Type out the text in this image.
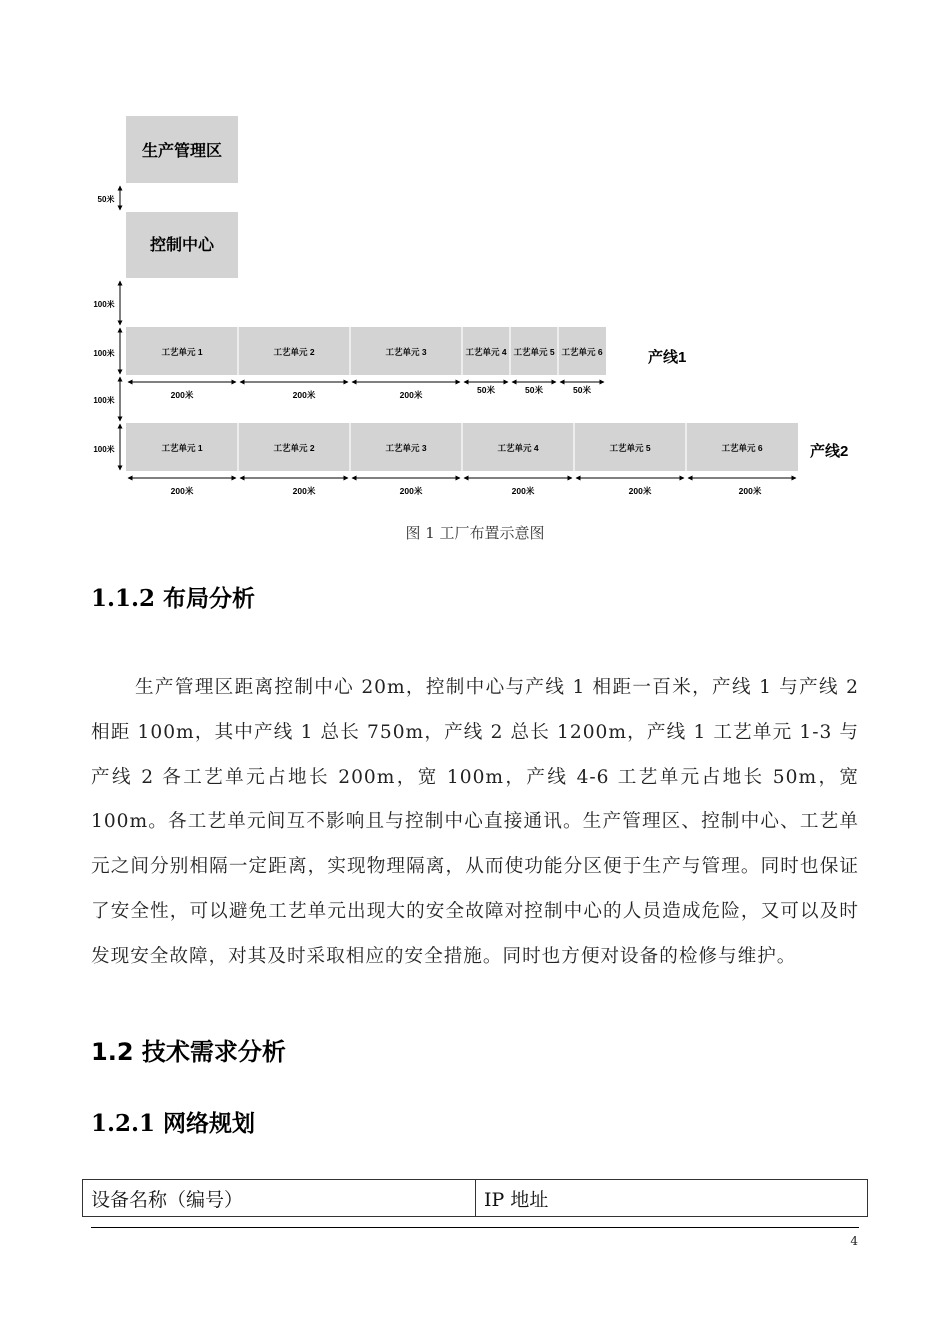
生产管理区
50米
控制中心
100米
100米
100米
100米
工艺单元 1	工艺单元 2	工艺单元 3	工艺单元 4 工艺单元 5 工艺单元 6	产线1
200米	200米	200米	50米	50米	50米
工艺单元 1	工艺单元 2	工艺单元 3	工艺单元 4	工艺单元 5	工艺单元 6	产线2
200米	200米	200米	200米	200米	200米
图 1 工厂布置示意图
1.1.2 布局分析

生产管理区距离控制中心 20m，控制中心与产线 1 相距一百米，产线 1 与产线 2 相距 100m，其中产线 1 总长 750m，产线 2 总长 1200m，产线 1 工艺单元 1-3 与产线 2 各工艺单元占地长 200m，宽 100m，产线 4-6 工艺单元占地长 50m，宽 100m。各工艺单元间互不影响且与控制中心直接通讯。生产管理区、控制中心、工艺单元之间分别相隔一定距离，实现物理隔离，从而使功能分区便于生产与管理。同时也保证了安全性，可以避免工艺单元出现大的安全故障对控制中心的人员造成危险，又可以及时发现安全故障，对其及时采取相应的安全措施。同时也方便对设备的检修与维护。

1.2 技术需求分析
1.2.1 网络规划
设备名称（编号）	IP 地址
4
